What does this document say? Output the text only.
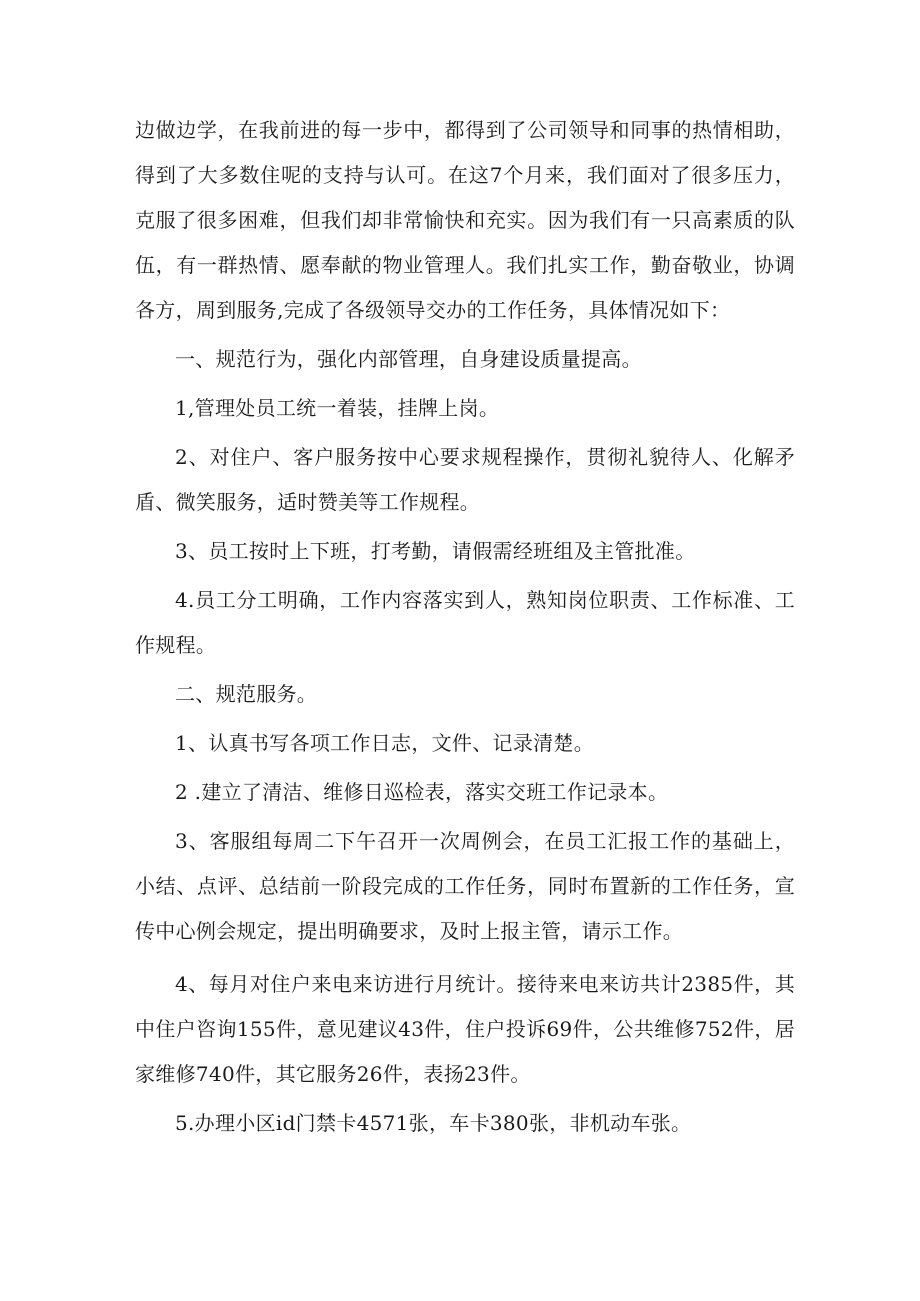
边做边学，在我前进的每一步中，都得到了公司领导和同事的热情相助，得到了大多数住呢的支持与认可。在这7个月来，我们面对了很多压力，克服了很多困难，但我们却非常愉快和充实。因为我们有一只高素质的队伍，有一群热情、愿奉献的物业管理人。我们扎实工作，勤奋敬业，协调各方，周到服务,完成了各级领导交办的工作任务，具体情况如下：

一、规范行为，强化内部管理，自身建设质量提高。

1,管理处员工统一着装，挂牌上岗。

2、对住户、客户服务按中心要求规程操作，贯彻礼貌待人、化解矛盾、微笑服务，适时赞美等工作规程。

3、员工按时上下班，打考勤，请假需经班组及主管批准。

4.员工分工明确，工作内容落实到人，熟知岗位职责、工作标准、工作规程。

二、规范服务。

1、认真书写各项工作日志，文件、记录清楚。

2 .建立了清洁、维修日巡检表，落实交班工作记录本。

3、客服组每周二下午召开一次周例会，在员工汇报工作的基础上，小结、点评、总结前一阶段完成的工作任务，同时布置新的工作任务，宣传中心例会规定，提出明确要求，及时上报主管，请示工作。

4、每月对住户来电来访进行月统计。接待来电来访共计2385件，其中住户咨询155件，意见建议43件，住户投诉69件，公共维修752件，居家维修740件，其它服务26件，表扬23件。

5.办理小区id门禁卡4571张，车卡380张，非机动车张。
